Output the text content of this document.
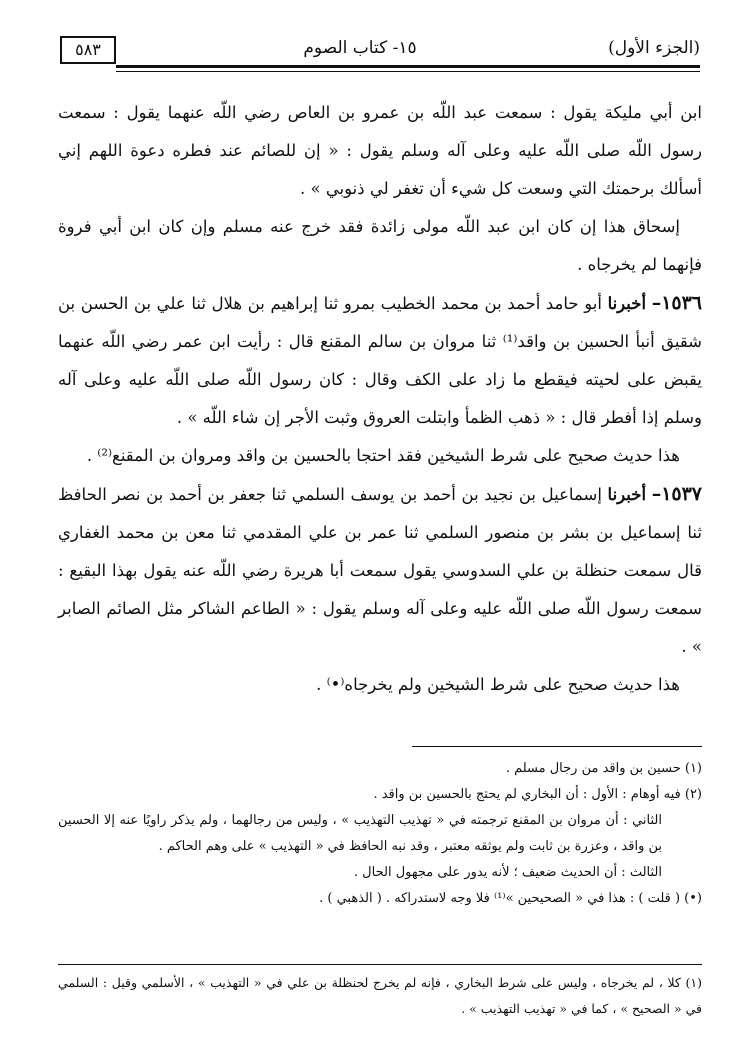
(الجزء الأول)
١٥- كتاب الصوم
٥٨٣

ابن أبي مليكة يقول : سمعت عبد اللّه بن عمرو بن العاص رضي اللّه عنهما يقول : سمعت رسول اللّه صلى اللّه عليه وعلى آله وسلم يقول : « إن للصائم عند فطره دعوة اللهم إني أسألك برحمتك التي وسعت كل شيء أن تغفر لي ذنوبي » .

إسحاق هذا إن كان ابن عبد اللّه مولى زائدة فقد خرج عنه مسلم وإن كان ابن أبي فروة فإنهما لم يخرجاه .

١٥٣٦– أخبرنا أبو حامد أحمد بن محمد الخطيب بمرو ثنا إبراهيم بن هلال ثنا علي بن الحسن بن شقيق أنبأ الحسين بن واقد⁽¹⁾ ثنا مروان بن سالم المقنع قال : رأيت ابن عمر رضي اللّه عنهما يقبض على لحيته فيقطع ما زاد على الكف وقال : كان رسول اللّه صلى اللّه عليه وعلى آله وسلم إذا أفطر قال : « ذهب الظمأ وابتلت العروق وثبت الأجر إن شاء اللّه » .

هذا حديث صحيح على شرط الشيخين فقد احتجا بالحسين بن واقد ومروان بن المقنع⁽²⁾ .

١٥٣٧– أخبرنا إسماعيل بن نجيد بن أحمد بن يوسف السلمي ثنا جعفر بن أحمد بن نصر الحافظ ثنا إسماعيل بن بشر بن منصور السلمي ثنا عمر بن علي المقدمي ثنا معن بن محمد الغفاري قال سمعت حنظلة بن علي السدوسي يقول سمعت أبا هريرة رضي اللّه عنه يقول بهذا البقيع : سمعت رسول اللّه صلى اللّه عليه وعلى آله وسلم يقول : « الطاعم الشاكر مثل الصائم الصابر » .

هذا حديث صحيح على شرط الشيخين ولم يخرجاه⁽•⁾ .

(١) حسين بن واقد من رجال مسلم .

(٢) فيه أوهام : الأول : أن البخاري لم يحتج بالحسين بن واقد .

الثاني : أن مروان بن المقنع ترجمته في « تهذيب التهذيب » ، وليس من رجالهما ، ولم يذكر راويًا عنه إلا الحسين بن واقد ، وعزرة بن ثابت ولم يوثقه معتبر ، وقد نبه الحافظ في « التهذيب » على وهم الحاكم .

الثالث : أن الحديث ضعيف ؛ لأنه يدور على مجهول الحال .

(•) ( قلت ) : هذا في « الصحيحين »⁽¹⁾ فلا وجه لاستدراكه . ( الذهبي ) .

(١) كلا ، لم يخرجاه ، وليس على شرط البخاري ، فإنه لم يخرج لحنظلة بن علي في « التهذيب » ، الأسلمي وقيل : السلمي في « الصحيح » ، كما في « تهذيب التهذيب » .
